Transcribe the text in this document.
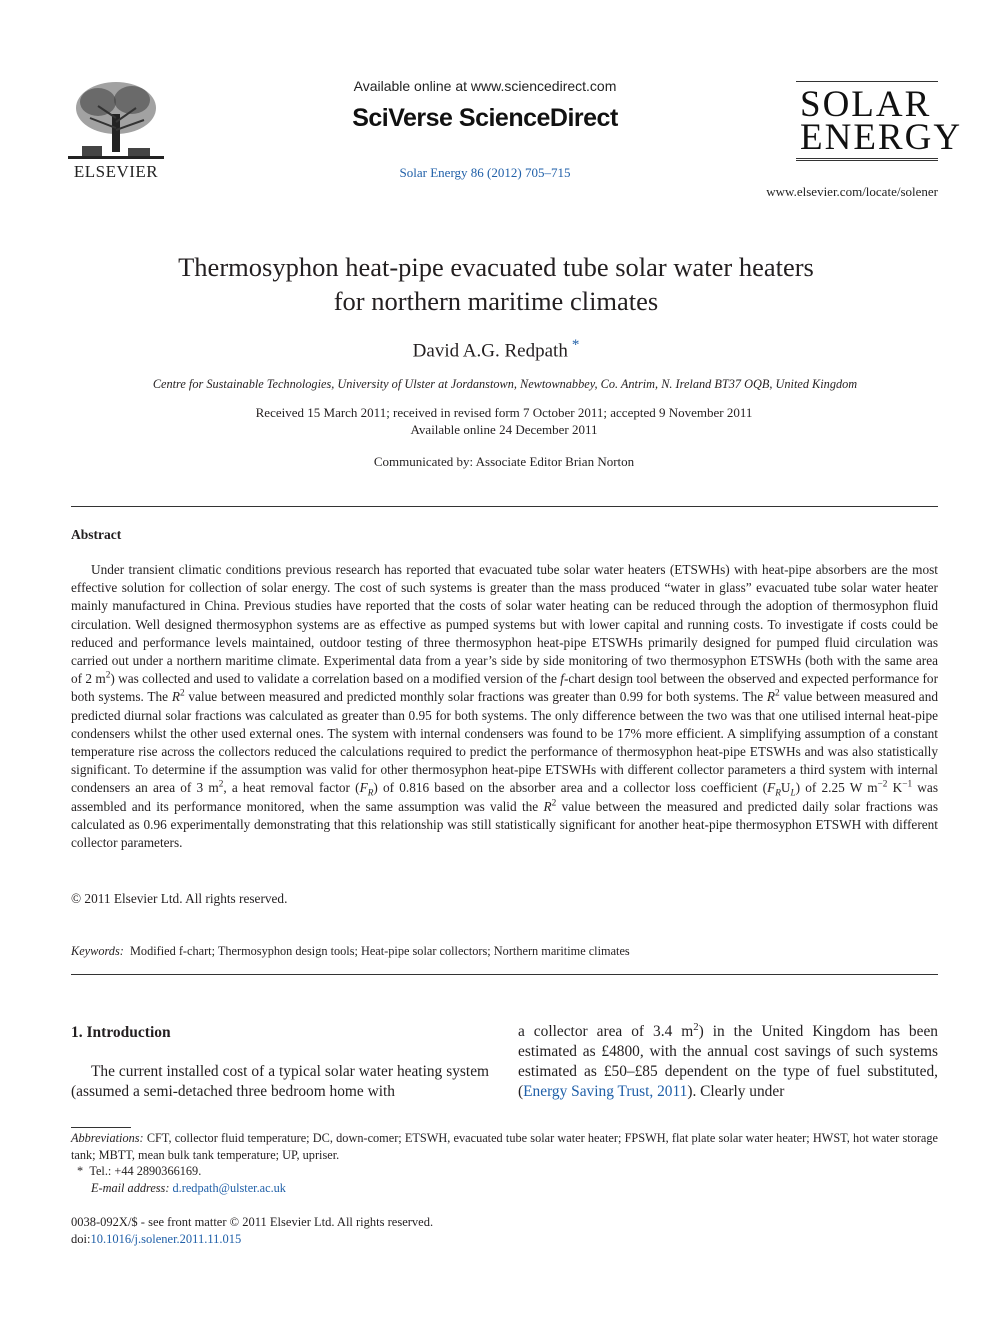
ELSEVIER
Available online at www.sciencedirect.com
SciVerse ScienceDirect
Solar Energy 86 (2012) 705–715
SOLAR
ENERGY
www.elsevier.com/locate/solener
Thermosyphon heat-pipe evacuated tube solar water heaters
for northern maritime climates
David A.G. Redpath *
Centre for Sustainable Technologies, University of Ulster at Jordanstown, Newtownabbey, Co. Antrim, N. Ireland BT37 OQB, United Kingdom
Received 15 March 2011; received in revised form 7 October 2011; accepted 9 November 2011
Available online 24 December 2011
Communicated by: Associate Editor Brian Norton
Abstract

Under transient climatic conditions previous research has reported that evacuated tube solar water heaters (ETSWHs) with heat-pipe absorbers are the most effective solution for collection of solar energy. The cost of such systems is greater than the mass produced “water in glass” evacuated tube solar water heater mainly manufactured in China. Previous studies have reported that the costs of solar water heating can be reduced through the adoption of thermosyphon fluid circulation. Well designed thermosyphon systems are as effective as pumped systems but with lower capital and running costs. To investigate if costs could be reduced and performance levels maintained, outdoor testing of three thermosyphon heat-pipe ETSWHs primarily designed for pumped fluid circulation was carried out under a northern maritime climate. Experimental data from a year’s side by side monitoring of two thermosyphon ETSWHs (both with the same area of 2 $m^2$) was collected and used to validate a correlation based on a modified version of the f-chart design tool between the observed and expected performance for both systems. The $R^2$ value between measured and predicted monthly solar fractions was greater than 0.99 for both systems. The $R^2$ value between measured and predicted diurnal solar fractions was calculated as greater than 0.95 for both systems. The only difference between the two was that one utilised internal heat-pipe condensers whilst the other used external ones. The system with internal condensers was found to be 17% more efficient. A simplifying assumption of a constant temperature rise across the collectors reduced the calculations required to predict the performance of thermosyphon heat-pipe ETSWHs and was also statistically significant. To determine if the assumption was valid for other thermosyphon heat-pipe ETSWHs with different collector parameters a third system with internal condensers an area of 3 $m^2$, a heat removal factor $(F_R)$ of 0.816 based on the absorber area and a collector loss coefficient $(F_RU_L)$ of 2.25 W $m^{-2}$ $K^{-1}$ was assembled and its performance monitored, when the same assumption was valid the $R^2$ value between the measured and predicted daily solar fractions was calculated as 0.96 experimentally demonstrating that this relationship was still statistically significant for another heat-pipe thermosyphon ETSWH with different collector parameters.

© 2011 Elsevier Ltd. All rights reserved.
Keywords: Modified f-chart; Thermosyphon design tools; Heat-pipe solar collectors; Northern maritime climates
1. Introduction

The current installed cost of a typical solar water heating system (assumed a semi-detached three bedroom home with

a collector area of 3.4 $m^2$) in the United Kingdom has been estimated as £4800, with the annual cost savings of such systems estimated as £50–£85 dependent on the type of fuel substituted, (Energy Saving Trust, 2011). Clearly under

Abbreviations: CFT, collector fluid temperature; DC, down-comer; ETSWH, evacuated tube solar water heater; FPSWH, flat plate solar water heater; HWST, hot water storage tank; MBTT, mean bulk tank temperature; UP, upriser.
* Tel.: +44 2890366169.
E-mail address: d.redpath@ulster.ac.uk
0038-092X/$ - see front matter © 2011 Elsevier Ltd. All rights reserved.
doi:10.1016/j.solener.2011.11.015
